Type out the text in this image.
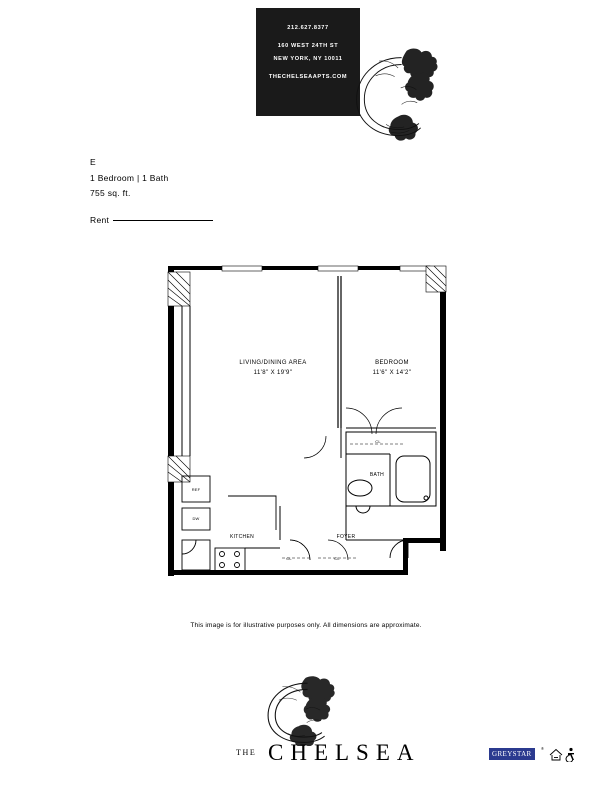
212.627.8377
160 WEST 24TH ST
NEW YORK, NY 10011
THECHELSEAAPTS.COM
E
1 Bedroom | 1 Bath
755 sq. ft.
Rent
LIVING/DINING AREA
11'8" X 19'9"
BEDROOM
11'6" X 14'2"
BATH
KITCHEN	FOYER
CL
CL	CL
REF
DW
This image is for illustrative purposes only. All dimensions are approximate.
THE CHELSEA	GREYSTAR
®
